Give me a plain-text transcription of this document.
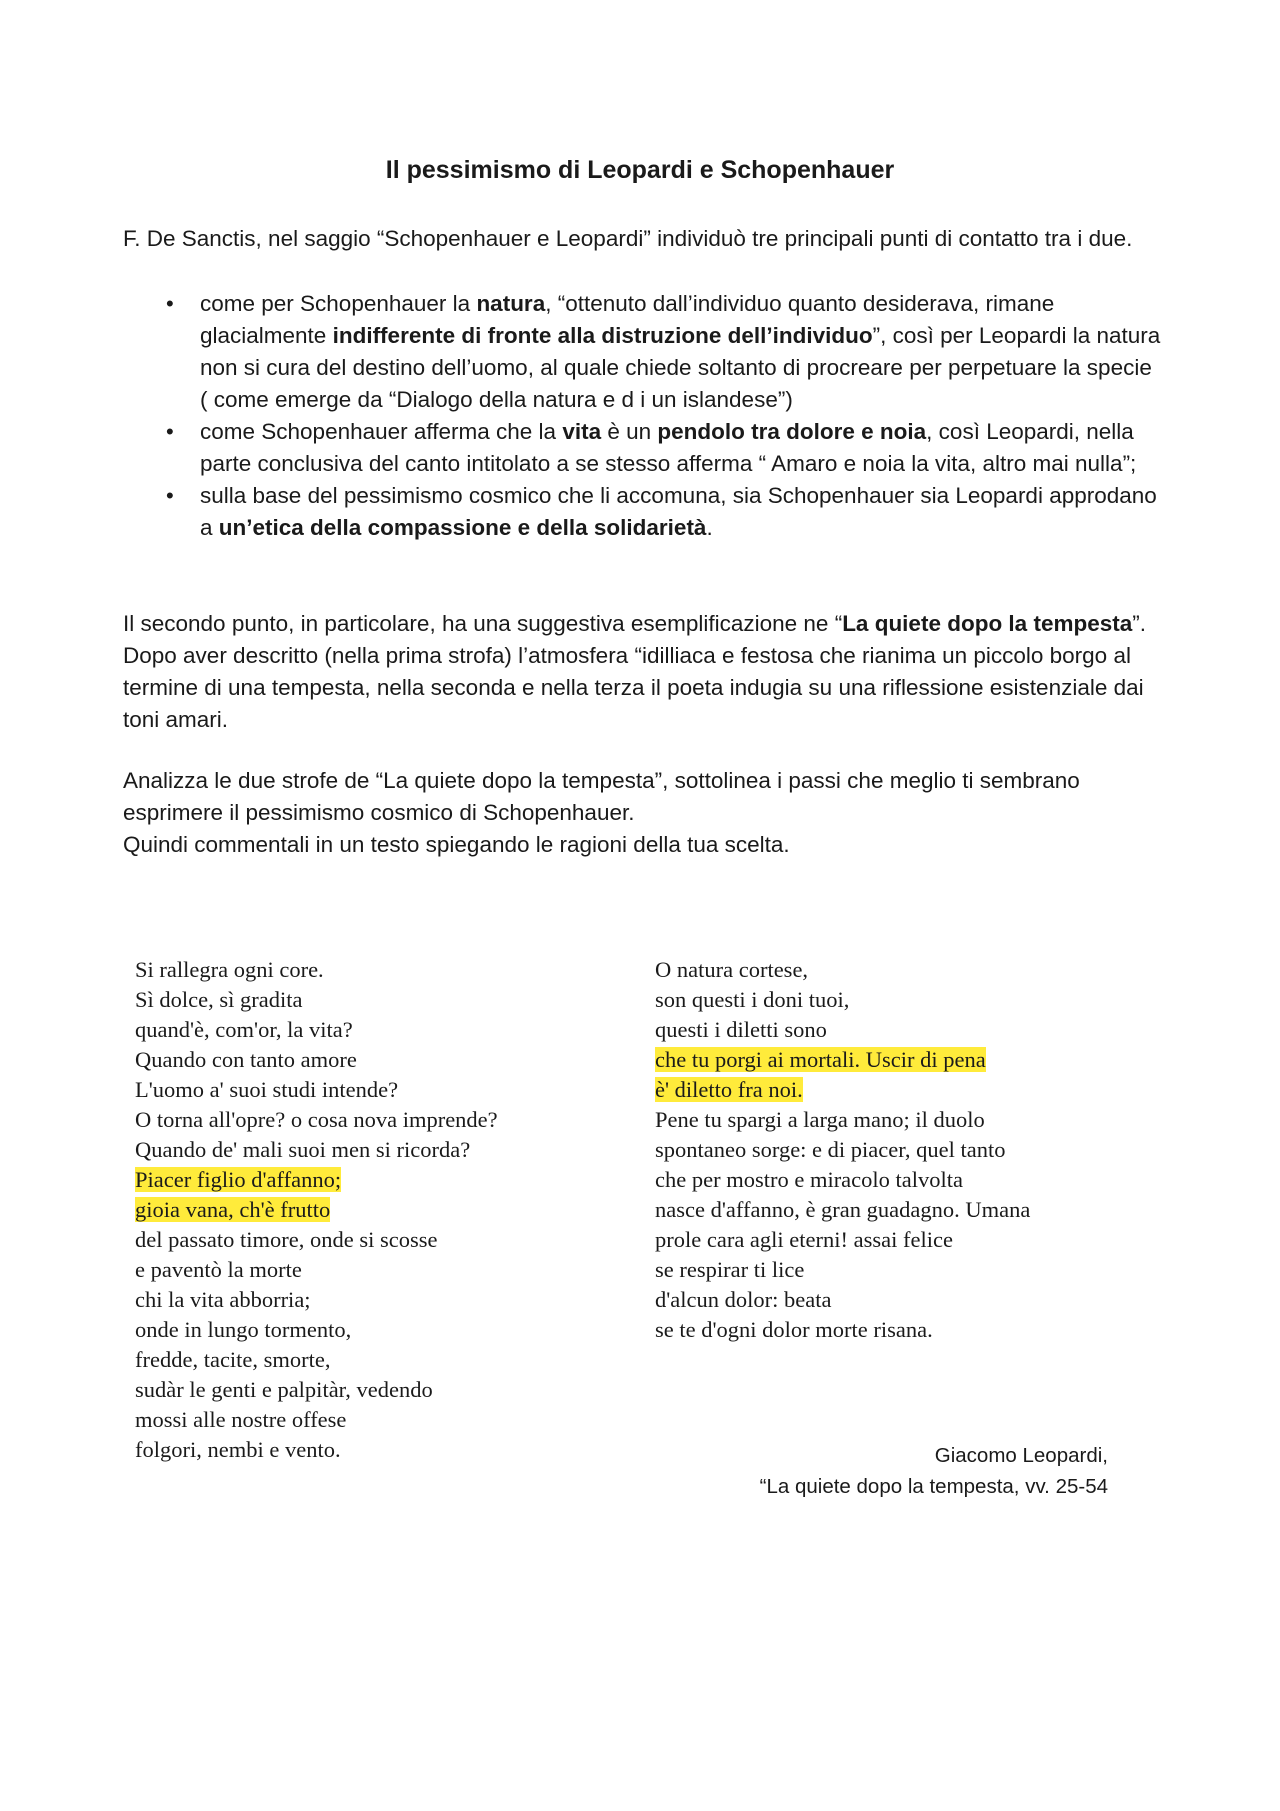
Il pessimismo di Leopardi e Schopenhauer

F. De Sanctis, nel saggio “Schopenhauer e Leopardi” individuò tre principali punti di contatto tra i due.

• come per Schopenhauer la natura, “ottenuto dall’individuo quanto desiderava, rimane glacialmente indifferente di fronte alla distruzione dell’individuo”, così per Leopardi la natura non si cura del destino dell’uomo, al quale chiede soltanto di procreare per perpetuare la specie ( come emerge da “Dialogo della natura e d i un islandese”)
• come Schopenhauer afferma che la vita è un pendolo tra dolore e noia, così Leopardi, nella parte conclusiva del canto intitolato a se stesso afferma “ Amaro e noia la vita, altro mai nulla”;
• sulla base del pessimismo cosmico che li accomuna, sia Schopenhauer sia Leopardi approdano a un’etica della compassione e della solidarietà.

Il secondo punto, in particolare, ha una suggestiva esemplificazione ne “La quiete dopo la tempesta”. Dopo aver descritto (nella prima strofa) l’atmosfera “idilliaca e festosa che rianima un piccolo borgo al termine di una tempesta, nella seconda e nella terza il poeta indugia su una riflessione esistenziale dai toni amari.

Analizza le due strofe de “La quiete dopo la tempesta”, sottolinea i passi che meglio ti sembrano esprimere il pessimismo cosmico di Schopenhauer.
Quindi commentali in un testo spiegando le ragioni della tua scelta.
Si rallegra ogni core.
Sì dolce, sì gradita
quand'è, com'or, la vita?
Quando con tanto amore
L'uomo a' suoi studi intende?
O torna all'opre? o cosa nova imprende?
Quando de' mali suoi men si ricorda?
Piacer figlio d'affanno;
gioia vana, ch'è frutto
del passato timore, onde si scosse
e paventò la morte
chi la vita abborria;
onde in lungo tormento,
fredde, tacite, smorte,
sudàr le genti e palpitàr, vedendo
mossi alle nostre offese
folgori, nembi e vento.
O natura cortese,
son questi i doni tuoi,
questi i diletti sono
che tu porgi ai mortali. Uscir di pena
è' diletto fra noi.
Pene tu spargi a larga mano; il duolo
spontaneo sorge: e di piacer, quel tanto
che per mostro e miracolo talvolta
nasce d'affanno, è gran guadagno. Umana
prole cara agli eterni! assai felice
se respirar ti lice
d'alcun dolor: beata
se te d'ogni dolor morte risana.
Giacomo Leopardi,
“La quiete dopo la tempesta, vv. 25-54
